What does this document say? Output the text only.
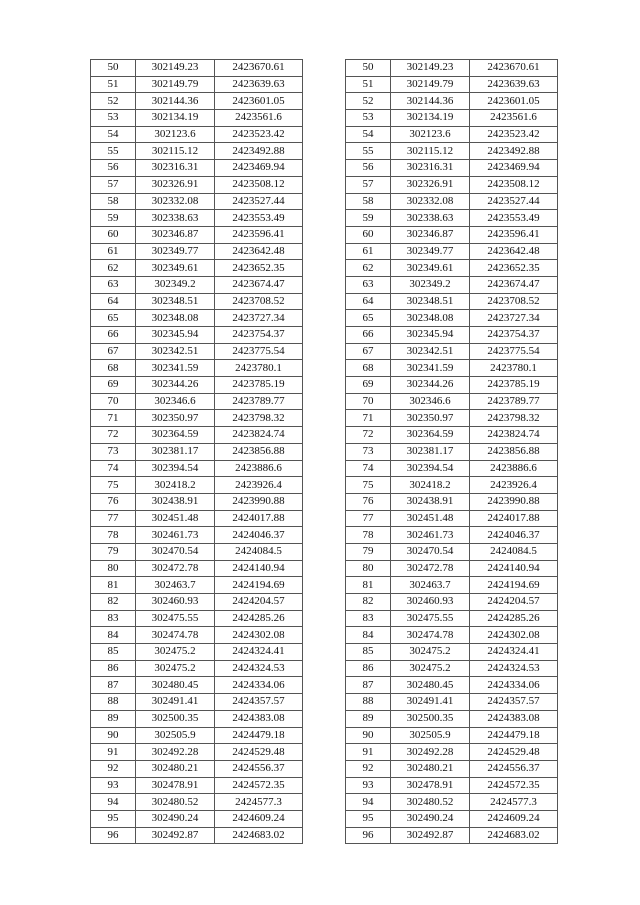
50	302149.23	2423670.61
51	302149.79	2423639.63
52	302144.36	2423601.05
53	302134.19	2423561.6
54	302123.6	2423523.42
55	302115.12	2423492.88
56	302316.31	2423469.94
57	302326.91	2423508.12
58	302332.08	2423527.44
59	302338.63	2423553.49
60	302346.87	2423596.41
61	302349.77	2423642.48
62	302349.61	2423652.35
63	302349.2	2423674.47
64	302348.51	2423708.52
65	302348.08	2423727.34
66	302345.94	2423754.37
67	302342.51	2423775.54
68	302341.59	2423780.1
69	302344.26	2423785.19
70	302346.6	2423789.77
71	302350.97	2423798.32
72	302364.59	2423824.74
73	302381.17	2423856.88
74	302394.54	2423886.6
75	302418.2	2423926.4
76	302438.91	2423990.88
77	302451.48	2424017.88
78	302461.73	2424046.37
79	302470.54	2424084.5
80	302472.78	2424140.94
81	302463.7	2424194.69
82	302460.93	2424204.57
83	302475.55	2424285.26
84	302474.78	2424302.08
85	302475.2	2424324.41
86	302475.2	2424324.53
87	302480.45	2424334.06
88	302491.41	2424357.57
89	302500.35	2424383.08
90	302505.9	2424479.18
91	302492.28	2424529.48
92	302480.21	2424556.37
93	302478.91	2424572.35
94	302480.52	2424577.3
95	302490.24	2424609.24
96	302492.87	2424683.02
50	302149.23	2423670.61
51	302149.79	2423639.63
52	302144.36	2423601.05
53	302134.19	2423561.6
54	302123.6	2423523.42
55	302115.12	2423492.88
56	302316.31	2423469.94
57	302326.91	2423508.12
58	302332.08	2423527.44
59	302338.63	2423553.49
60	302346.87	2423596.41
61	302349.77	2423642.48
62	302349.61	2423652.35
63	302349.2	2423674.47
64	302348.51	2423708.52
65	302348.08	2423727.34
66	302345.94	2423754.37
67	302342.51	2423775.54
68	302341.59	2423780.1
69	302344.26	2423785.19
70	302346.6	2423789.77
71	302350.97	2423798.32
72	302364.59	2423824.74
73	302381.17	2423856.88
74	302394.54	2423886.6
75	302418.2	2423926.4
76	302438.91	2423990.88
77	302451.48	2424017.88
78	302461.73	2424046.37
79	302470.54	2424084.5
80	302472.78	2424140.94
81	302463.7	2424194.69
82	302460.93	2424204.57
83	302475.55	2424285.26
84	302474.78	2424302.08
85	302475.2	2424324.41
86	302475.2	2424324.53
87	302480.45	2424334.06
88	302491.41	2424357.57
89	302500.35	2424383.08
90	302505.9	2424479.18
91	302492.28	2424529.48
92	302480.21	2424556.37
93	302478.91	2424572.35
94	302480.52	2424577.3
95	302490.24	2424609.24
96	302492.87	2424683.02
